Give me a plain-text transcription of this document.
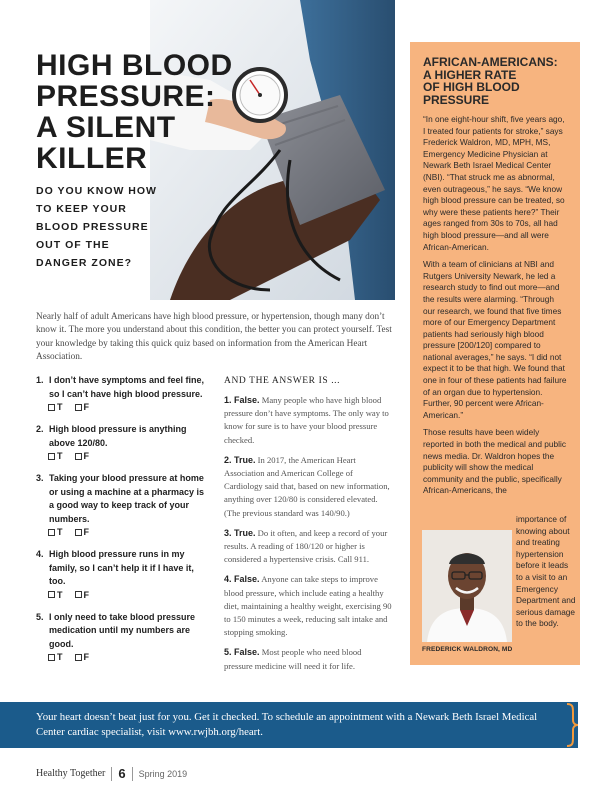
HIGH BLOOD
PRESSURE:
A SILENT
KILLER
DO YOU KNOW HOW
TO KEEP YOUR
BLOOD PRESSURE
OUT OF THE
DANGER ZONE?

Nearly half of adult Americans have high blood pressure, or hypertension, though many don’t know it. The more you understand about this condition, the better you can protect yourself. Test your knowledge by taking this quick quiz based on information from the American Heart Association.

1. I don’t have symptoms and feel fine, so I can’t have high blood pressure.
T F
2. High blood pressure is anything above 120/80.
T F
3. Taking your blood pressure at home or using a machine at a pharmacy is a good way to keep track of your numbers.
T F
4. High blood pressure runs in my family, so I can’t help it if I have it, too.
T F
5. I only need to take blood pressure medication until my numbers are good.
T F
AND THE ANSWER IS ...

1. False. Many people who have high blood pressure don’t have symptoms. The only way to know for sure is to have your blood pressure checked.

2. True. In 2017, the American Heart Association and American College of Cardiology said that, based on new information, anything over 120/80 is considered elevated. (The previous standard was 140/90.)

3. True. Do it often, and keep a record of your results. A reading of 180/120 or higher is considered a hypertensive crisis. Call 911.

4. False. Anyone can take steps to improve blood pressure, which include eating a healthy diet, maintaining a healthy weight, exercising 90 to 150 minutes a week, reducing salt intake and stopping smoking.

5. False. Most people who need blood pressure medicine will need it for life.

AFRICAN-AMERICANS:
A HIGHER RATE
OF HIGH BLOOD
PRESSURE

“In one eight-hour shift, five years ago, I treated four patients for stroke,” says Frederick Waldron, MD, MPH, MS, Emergency Medicine Physician at Newark Beth Israel Medical Center (NBI). “That struck me as abnormal, even outrageous,” he says. “We know high blood pressure can be treated, so why were these patients here?” Their ages ranged from 30s to 70s, all had high blood pressure—and all were African-American.

With a team of clinicians at NBI and Rutgers University Newark, he led a research study to find out more—and the results were alarming. “Through our research, we found that five times more of our Emergency Department patients had seriously high blood pressure [200/120] compared to national averages,” he says. “I did not expect it to be that high. We found that one in four of these patients had failure of an organ due to hypertension. Further, 90 percent were African-American.”

Those results have been widely reported in both the medical and public news media. Dr. Waldron hopes the publicity will show the medical community and the public, specifically African-Americans, the

importance of knowing about and treating hypertension before it leads to a visit to an Emergency Department and serious damage to the body.

FREDERICK WALDRON, MD

Your heart doesn’t beat just for you. Get it checked. To schedule an appointment with a Newark Beth Israel Medical Center cardiac specialist, visit www.rwjbh.org/heart.

Healthy Together 6 Spring 2019
